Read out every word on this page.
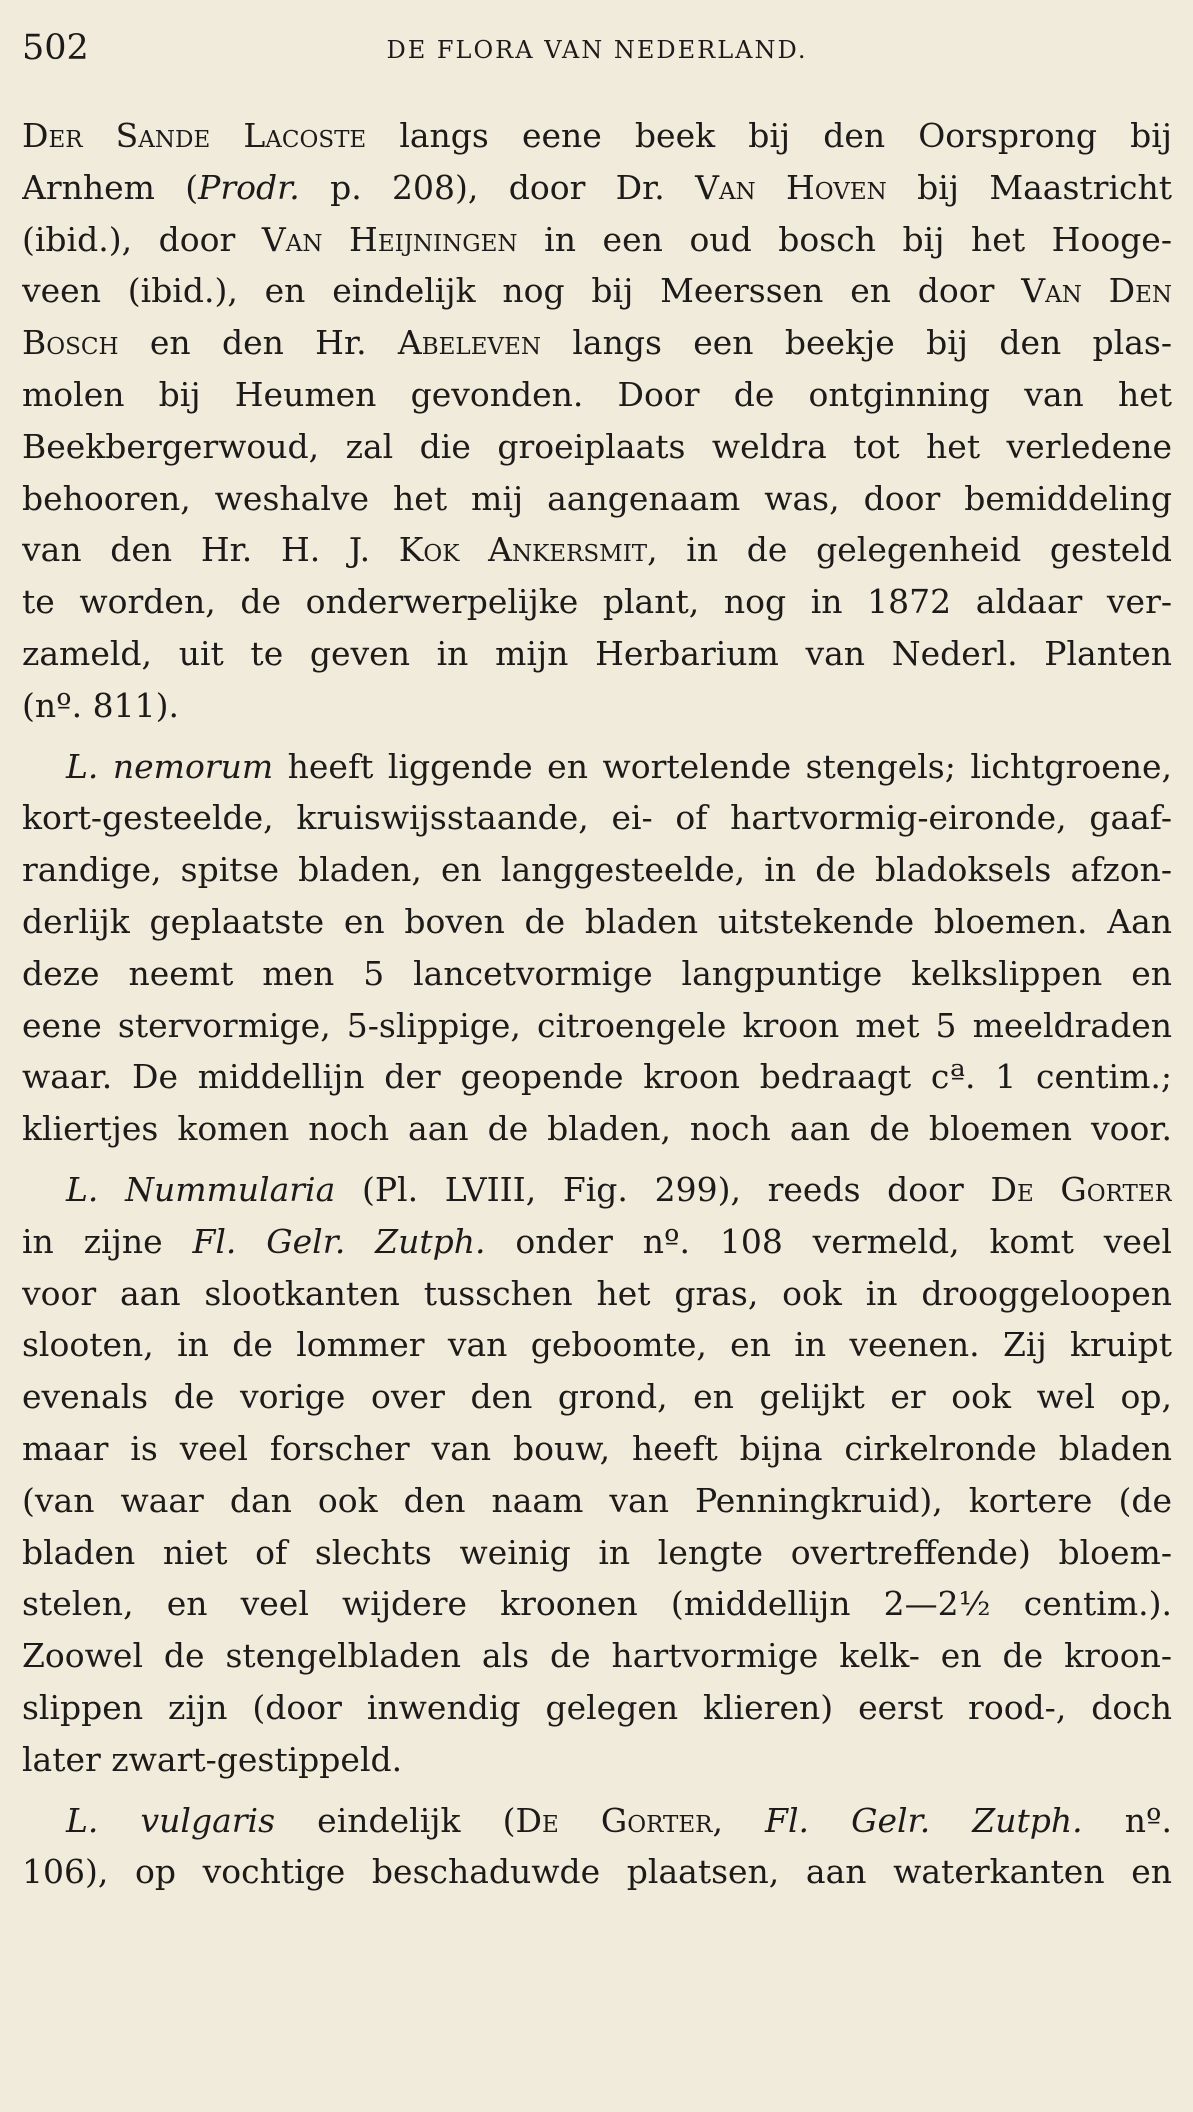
502	DE FLORA VAN NEDERLAND.
Der Sande Lacoste langs eene beek bij den Oorsprong bij
Arnhem (Prodr. p. 208), door Dr. Van Hoven bij Maastricht
(ibid.), door Van Heijningen in een oud bosch bij het Hooge-
veen (ibid.), en eindelijk nog bij Meerssen en door Van Den
Bosch en den Hr. Abeleven langs een beekje bij den plas-
molen bij Heumen gevonden. Door de ontginning van het
Beekbergerwoud, zal die groeiplaats weldra tot het verledene
behooren, weshalve het mij aangenaam was, door bemiddeling
van den Hr. H. J. Kok Ankersmit, in de gelegenheid gesteld
te worden, de onderwerpelijke plant, nog in 1872 aldaar ver-
zameld, uit te geven in mijn Herbarium van Nederl. Planten
(nº. 811).
L. nemorum heeft liggende en wortelende stengels; lichtgroene,
kort-gesteelde, kruiswijsstaande, ei- of hartvormig-eironde, gaaf-
randige, spitse bladen, en langgesteelde, in de bladoksels afzon-
derlijk geplaatste en boven de bladen uitstekende bloemen. Aan
deze neemt men 5 lancetvormige langpuntige kelkslippen en
eene stervormige, 5-slippige, citroengele kroon met 5 meeldraden
waar. De middellijn der geopende kroon bedraagt cª. 1 centim.;
kliertjes komen noch aan de bladen, noch aan de bloemen voor.
L. Nummularia (Pl. LVIII, Fig. 299), reeds door De Gorter
in zijne Fl. Gelr. Zutph. onder nº. 108 vermeld, komt veel
voor aan slootkanten tusschen het gras, ook in drooggeloopen
slooten, in de lommer van geboomte, en in veenen. Zij kruipt
evenals de vorige over den grond, en gelijkt er ook wel op,
maar is veel forscher van bouw, heeft bijna cirkelronde bladen
(van waar dan ook den naam van Penningkruid), kortere (de
bladen niet of slechts weinig in lengte overtreffende) bloem-
stelen, en veel wijdere kroonen (middellijn 2—2½ centim.).
Zoowel de stengelbladen als de hartvormige kelk- en de kroon-
slippen zijn (door inwendig gelegen klieren) eerst rood-, doch
later zwart-gestippeld.
L. vulgaris eindelijk (De Gorter, Fl. Gelr. Zutph. nº.
106), op vochtige beschaduwde plaatsen, aan waterkanten en
